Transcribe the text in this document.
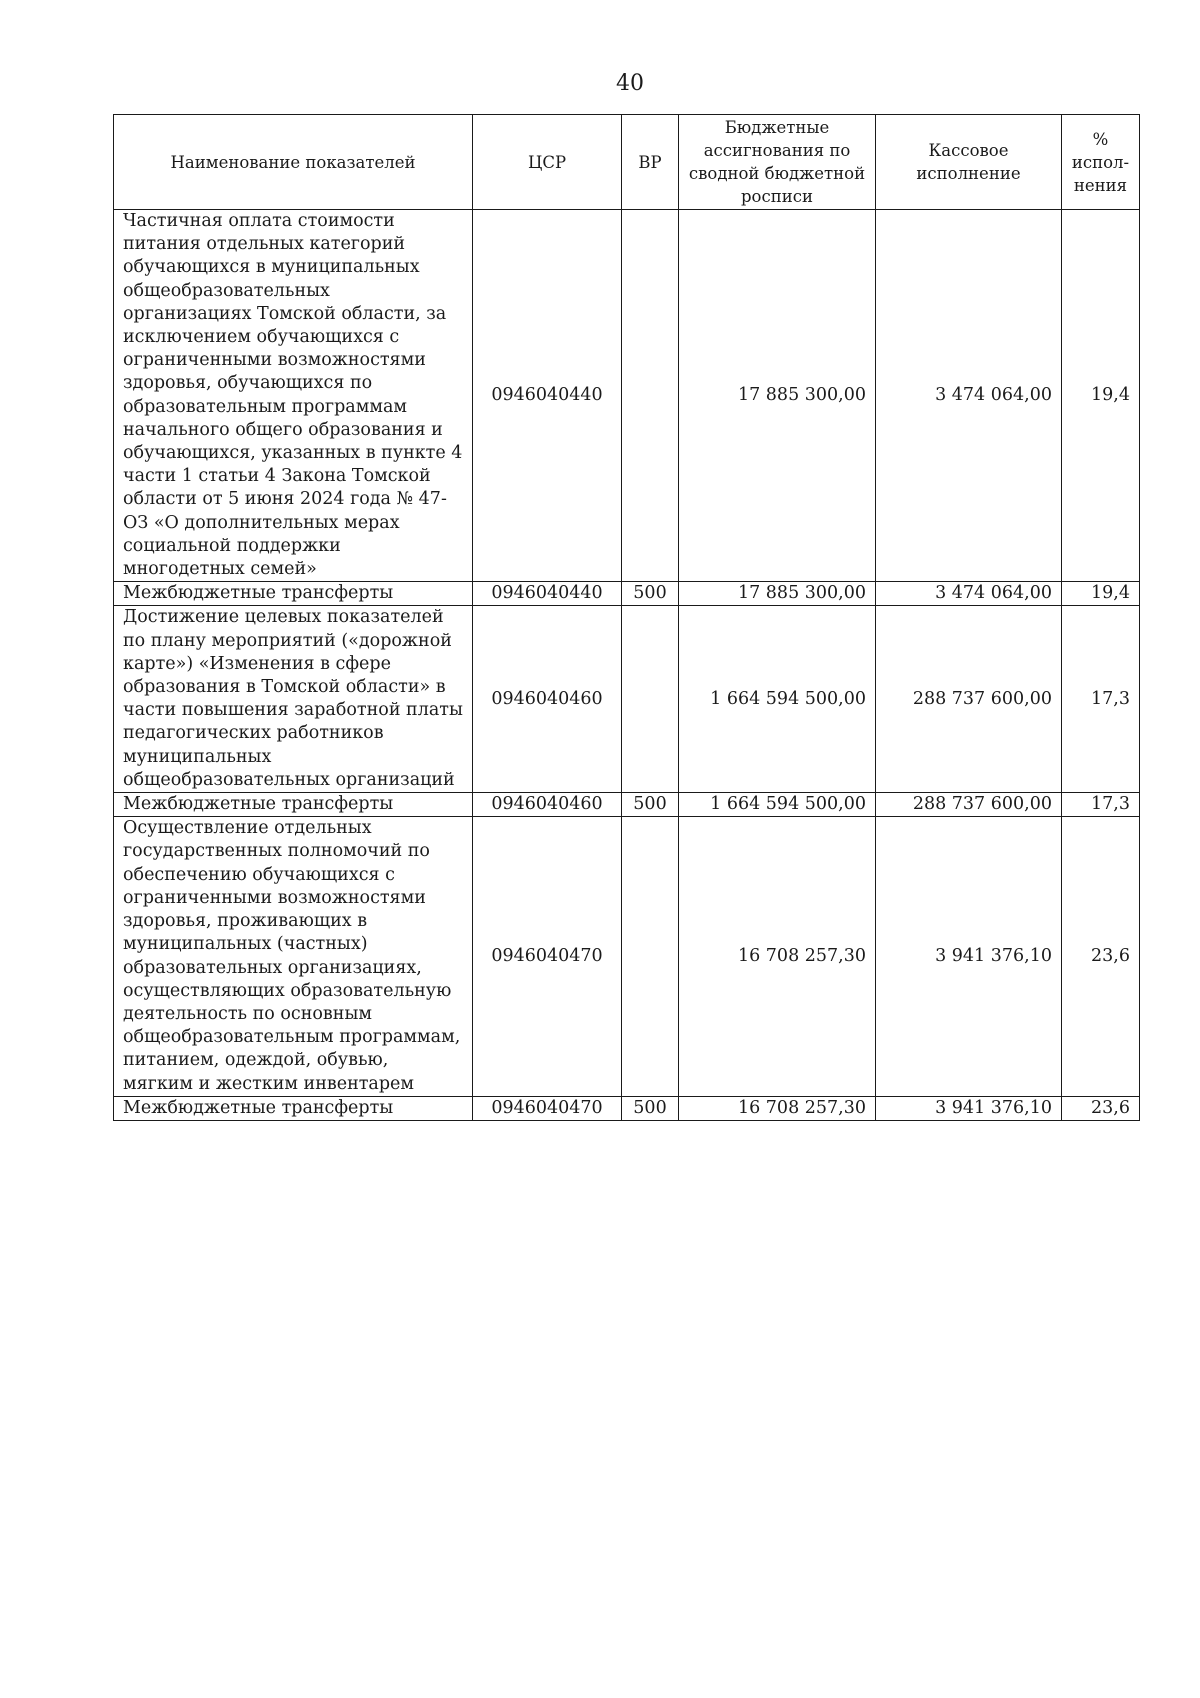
40
Наименование показателей	ЦСР	ВР	Бюджетные ассигнования по сводной бюджетной росписи	Кассовое исполнение	% испол-нения
Частичная оплата стоимости питания отдельных категорий обучающихся в муниципальных общеобразовательных организациях Томской области, за исключением обучающихся с ограниченными возможностями здоровья, обучающихся по образовательным программам начального общего образования и обучающихся, указанных в пункте 4 части 1 статьи 4 Закона Томской области от 5 июня 2024 года № 47-ОЗ «О дополнительных мерах социальной поддержки многодетных семей»	0946040440		17 885 300,00	3 474 064,00	19,4
Межбюджетные трансферты	0946040440	500	17 885 300,00	3 474 064,00	19,4
Достижение целевых показателей по плану мероприятий («дорожной карте») «Изменения в сфере образования в Томской области» в части повышения заработной платы педагогических работников муниципальных общеобразовательных организаций	0946040460		1 664 594 500,00	288 737 600,00	17,3
Межбюджетные трансферты	0946040460	500	1 664 594 500,00	288 737 600,00	17,3
Осуществление отдельных государственных полномочий по обеспечению обучающихся с ограниченными возможностями здоровья, проживающих в муниципальных (частных) образовательных организациях, осуществляющих образовательную деятельность по основным общеобразовательным программам, питанием, одеждой, обувью, мягким и жестким инвентарем	0946040470		16 708 257,30	3 941 376,10	23,6
Межбюджетные трансферты	0946040470	500	16 708 257,30	3 941 376,10	23,6
